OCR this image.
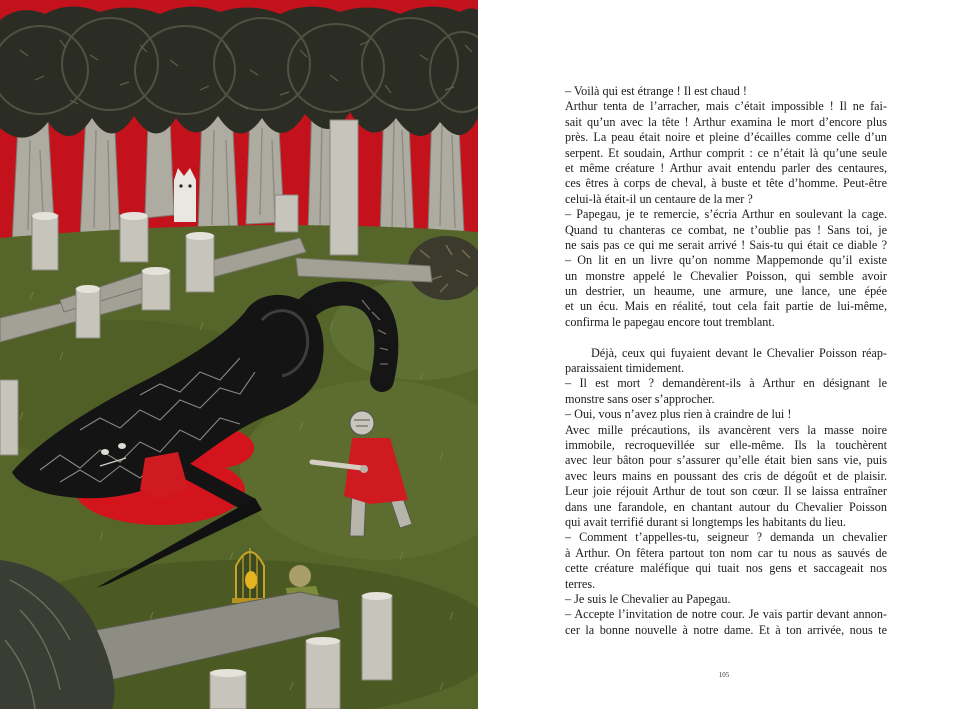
– Voilà qui est étrange ! Il est chaud !
Arthur tenta de l’arracher, mais c’était impossible ! Il ne fai-
sait qu’un avec la tête ! Arthur examina le mort d’encore plus
près. La peau était noire et pleine d’écailles comme celle d’un
serpent. Et soudain, Arthur comprit : ce n’était là qu’une seule
et même créature ! Arthur avait entendu parler des centaures,
ces êtres à corps de cheval, à buste et tête d’homme. Peut-être
celui-là était-il un centaure de la mer ?
– Papegau, je te remercie, s’écria Arthur en soulevant la cage.
Quand tu chanteras ce combat, ne t’oublie pas ! Sans toi, je
ne sais pas ce qui me serait arrivé ! Sais-tu qui était ce diable ?
– On lit en un livre qu’on nomme Mappemonde qu’il existe
un monstre appelé le Chevalier Poisson, qui semble avoir
un destrier, un heaume, une armure, une lance, une épée
et un écu. Mais en réalité, tout cela fait partie de lui-même,
confirma le papegau encore tout tremblant.
Déjà, ceux qui fuyaient devant le Chevalier Poisson réap-
paraissaient timidement.
– Il est mort ? demandèrent-ils à Arthur en désignant le
monstre sans oser s’approcher.
– Oui, vous n’avez plus rien à craindre de lui !
Avec mille précautions, ils avancèrent vers la masse noire
immobile, recroquevillée sur elle-même. Ils la touchèrent
avec leur bâton pour s’assurer qu’elle était bien sans vie, puis
avec leurs mains en poussant des cris de dégoût et de plaisir.
Leur joie réjouit Arthur de tout son cœur. Il se laissa entraîner
dans une farandole, en chantant autour du Chevalier Poisson
qui avait terrifié durant si longtemps les habitants du lieu.
– Comment t’appelles-tu, seigneur ? demanda un chevalier
à Arthur. On fêtera partout ton nom car tu nous as sauvés de
cette créature maléfique qui tuait nos gens et saccageait nos
terres.
– Je suis le Chevalier au Papegau.
– Accepte l’invitation de notre cour. Je vais partir devant annon-
cer la bonne nouvelle à notre dame. Et à ton arrivée, nous te
105
